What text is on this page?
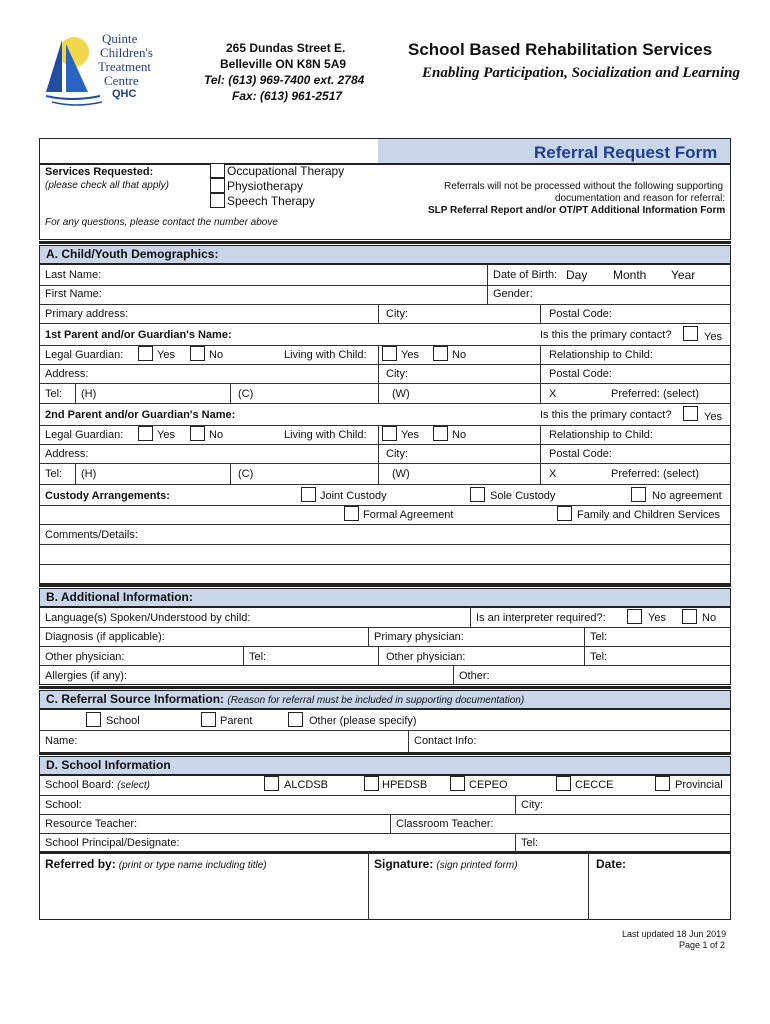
Quinte
Children's
Treatment
Centre
QHC
265 Dundas Street E.
Belleville ON K8N 5A9
Tel: (613) 969-7400 ext. 2784
Fax: (613) 961-2517
School Based Rehabilitation Services
Enabling Participation, Socialization and Learning
Referral Request Form
Services Requested:
(please check all that apply)
Occupational Therapy
Physiotherapy
Speech Therapy
For any questions, please contact the number above
Referrals will not be processed without the following supporting
documentation and reason for referral:
SLP Referral Report and/or OT/PT Additional Information Form
A. Child/Youth Demographics:
Last Name:	Date of Birth: Day Month Year
First Name:	Gender:
Primary address:	City:	Postal Code:
1st Parent and/or Guardian's Name:	Is this the primary contact?	Yes
Legal Guardian:	Yes	No	Living with Child:	Yes	No	Relationship to Child:
Address:	City:	Postal Code:
Tel: (H)	(C)	(W)	X	Preferred: (select)
2nd Parent and/or Guardian's Name:	Is this the primary contact?	Yes
Legal Guardian:	Yes	No	Living with Child:	Yes	No	Relationship to Child:
Address:	City:	Postal Code:
Tel: (H)	(C)	(W)	X	Preferred: (select)
Custody Arrangements:	Joint Custody	Sole Custody	No agreement
Formal Agreement	Family and Children Services
Comments/Details:
B. Additional Information:
Language(s) Spoken/Understood by child:	Is an interpreter required?:	Yes	No
Diagnosis (if applicable):	Primary physician:	Tel:
Other physician:	Tel:	Other physician:	Tel:
Allergies (if any):	Other:
C. Referral Source Information: (Reason for referral must be included in supporting documentation)
School	Parent	Other (please specify)
Name:	Contact Info:
D. School Information
School Board: (select)	ALCDSB	HPEDSB	CEPEO	CECCE	Provincial
School:	City:
Resource Teacher:	Classroom Teacher:
School Principal/Designate:	Tel:
Referred by: (print or type name including title)	Signature: (sign printed form)	Date:
Last updated 18 Jun 2019
Page 1 of 2
